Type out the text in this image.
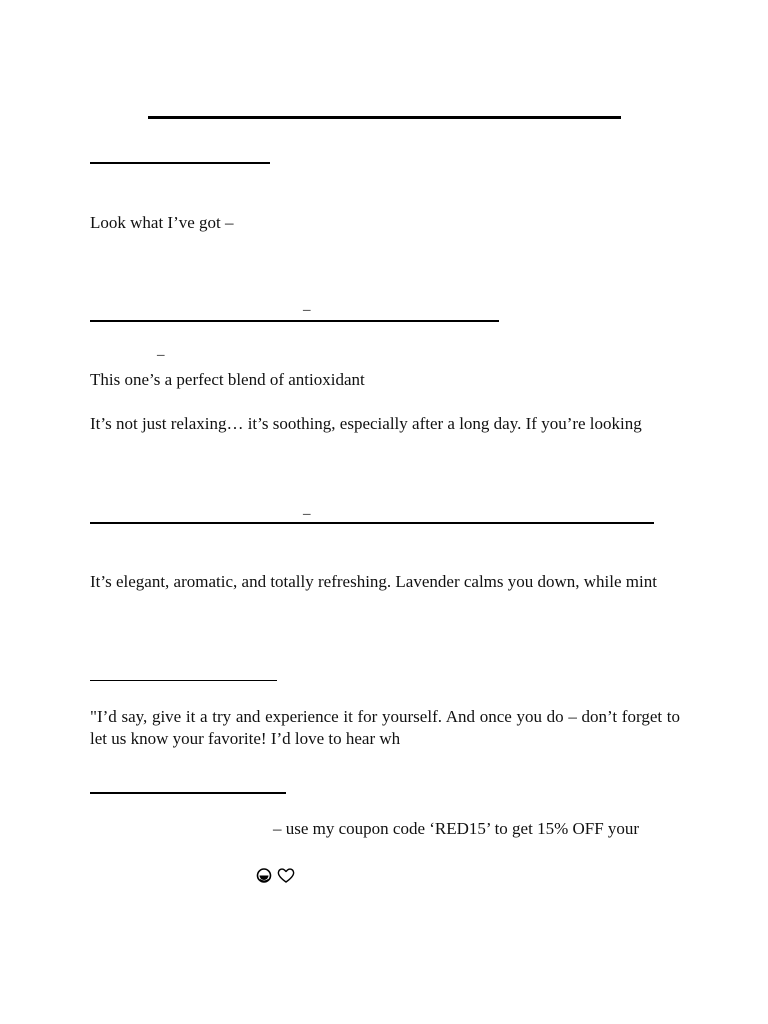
Look what I’ve got –
–
–
This one’s a perfect blend of antioxidant
It’s not just relaxing… it’s soothing, especially after a long day. If you’re looking
–
It’s elegant, aromatic, and totally refreshing. Lavender calms you down, while mint
"I’d say, give it a try and experience it for yourself. And once you do – don’t forget to let us know your favorite! I’d love to hear wh
– use my coupon code ‘RED15’ to get 15% OFF your
